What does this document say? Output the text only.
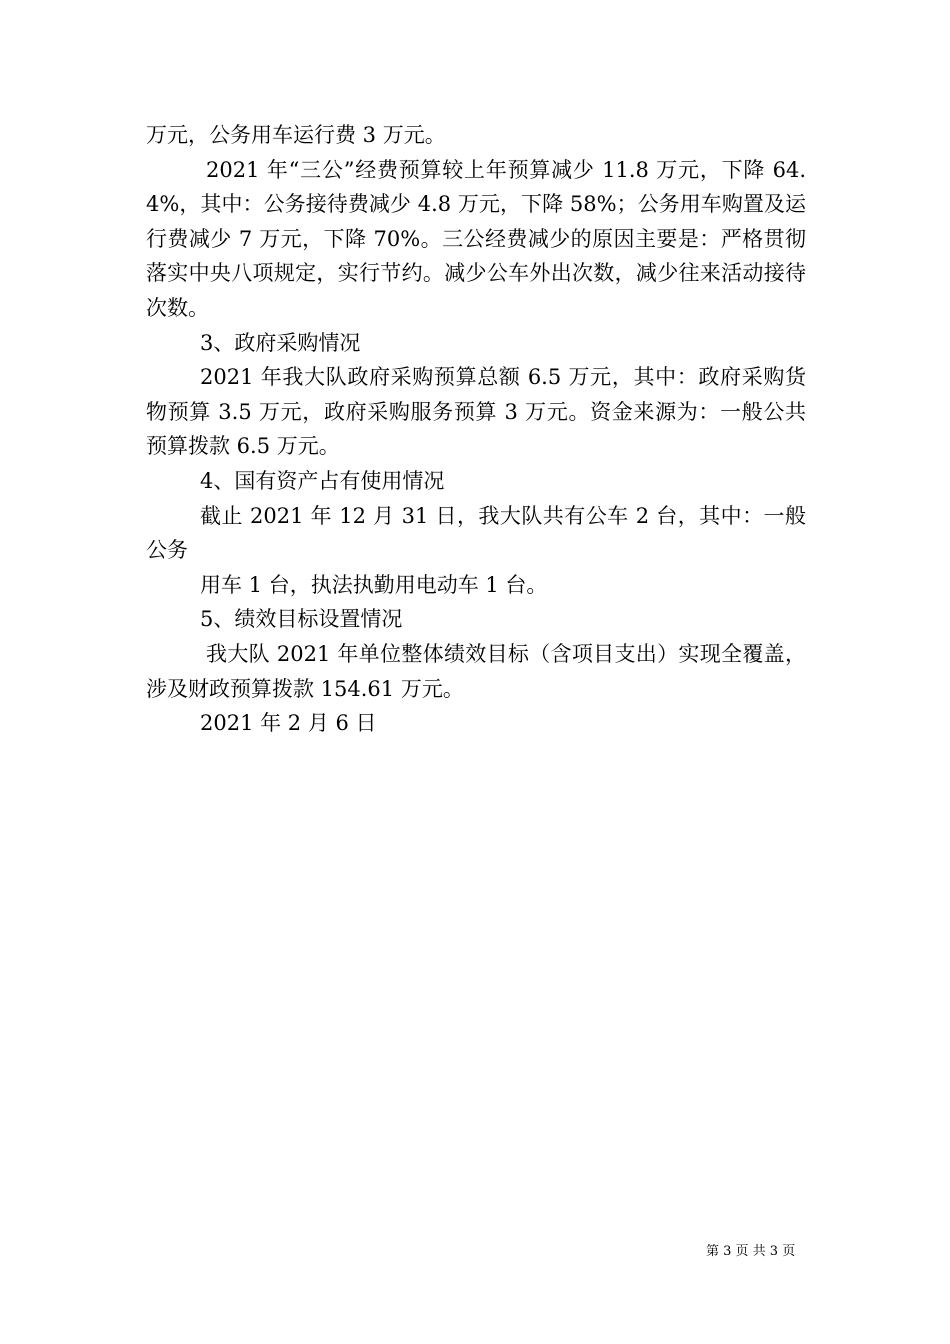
万元，公务用车运行费 3 万元。

2021 年“三公”经费预算较上年预算减少 11.8 万元，下降 64.4%，其中：公务接待费减少 4.8 万元，下降 58%；公务用车购置及运行费减少 7 万元，下降 70%。三公经费减少的原因主要是：严格贯彻落实中央八项规定，实行节约。减少公车外出次数，减少往来活动接待次数。

3、政府采购情况

2021 年我大队政府采购预算总额 6.5 万元，其中：政府采购货物预算 3.5 万元，政府采购服务预算 3 万元。资金来源为：一般公共预算拨款 6.5 万元。

4、国有资产占有使用情况

截止 2021 年 12 月 31 日，我大队共有公车 2 台，其中：一般公务

用车 1 台，执法执勤用电动车 1 台。

5、绩效目标设置情况

我大队 2021 年单位整体绩效目标（含项目支出）实现全覆盖，涉及财政预算拨款 154.61 万元。

2021 年 2 月 6 日

第 3 页 共 3 页
